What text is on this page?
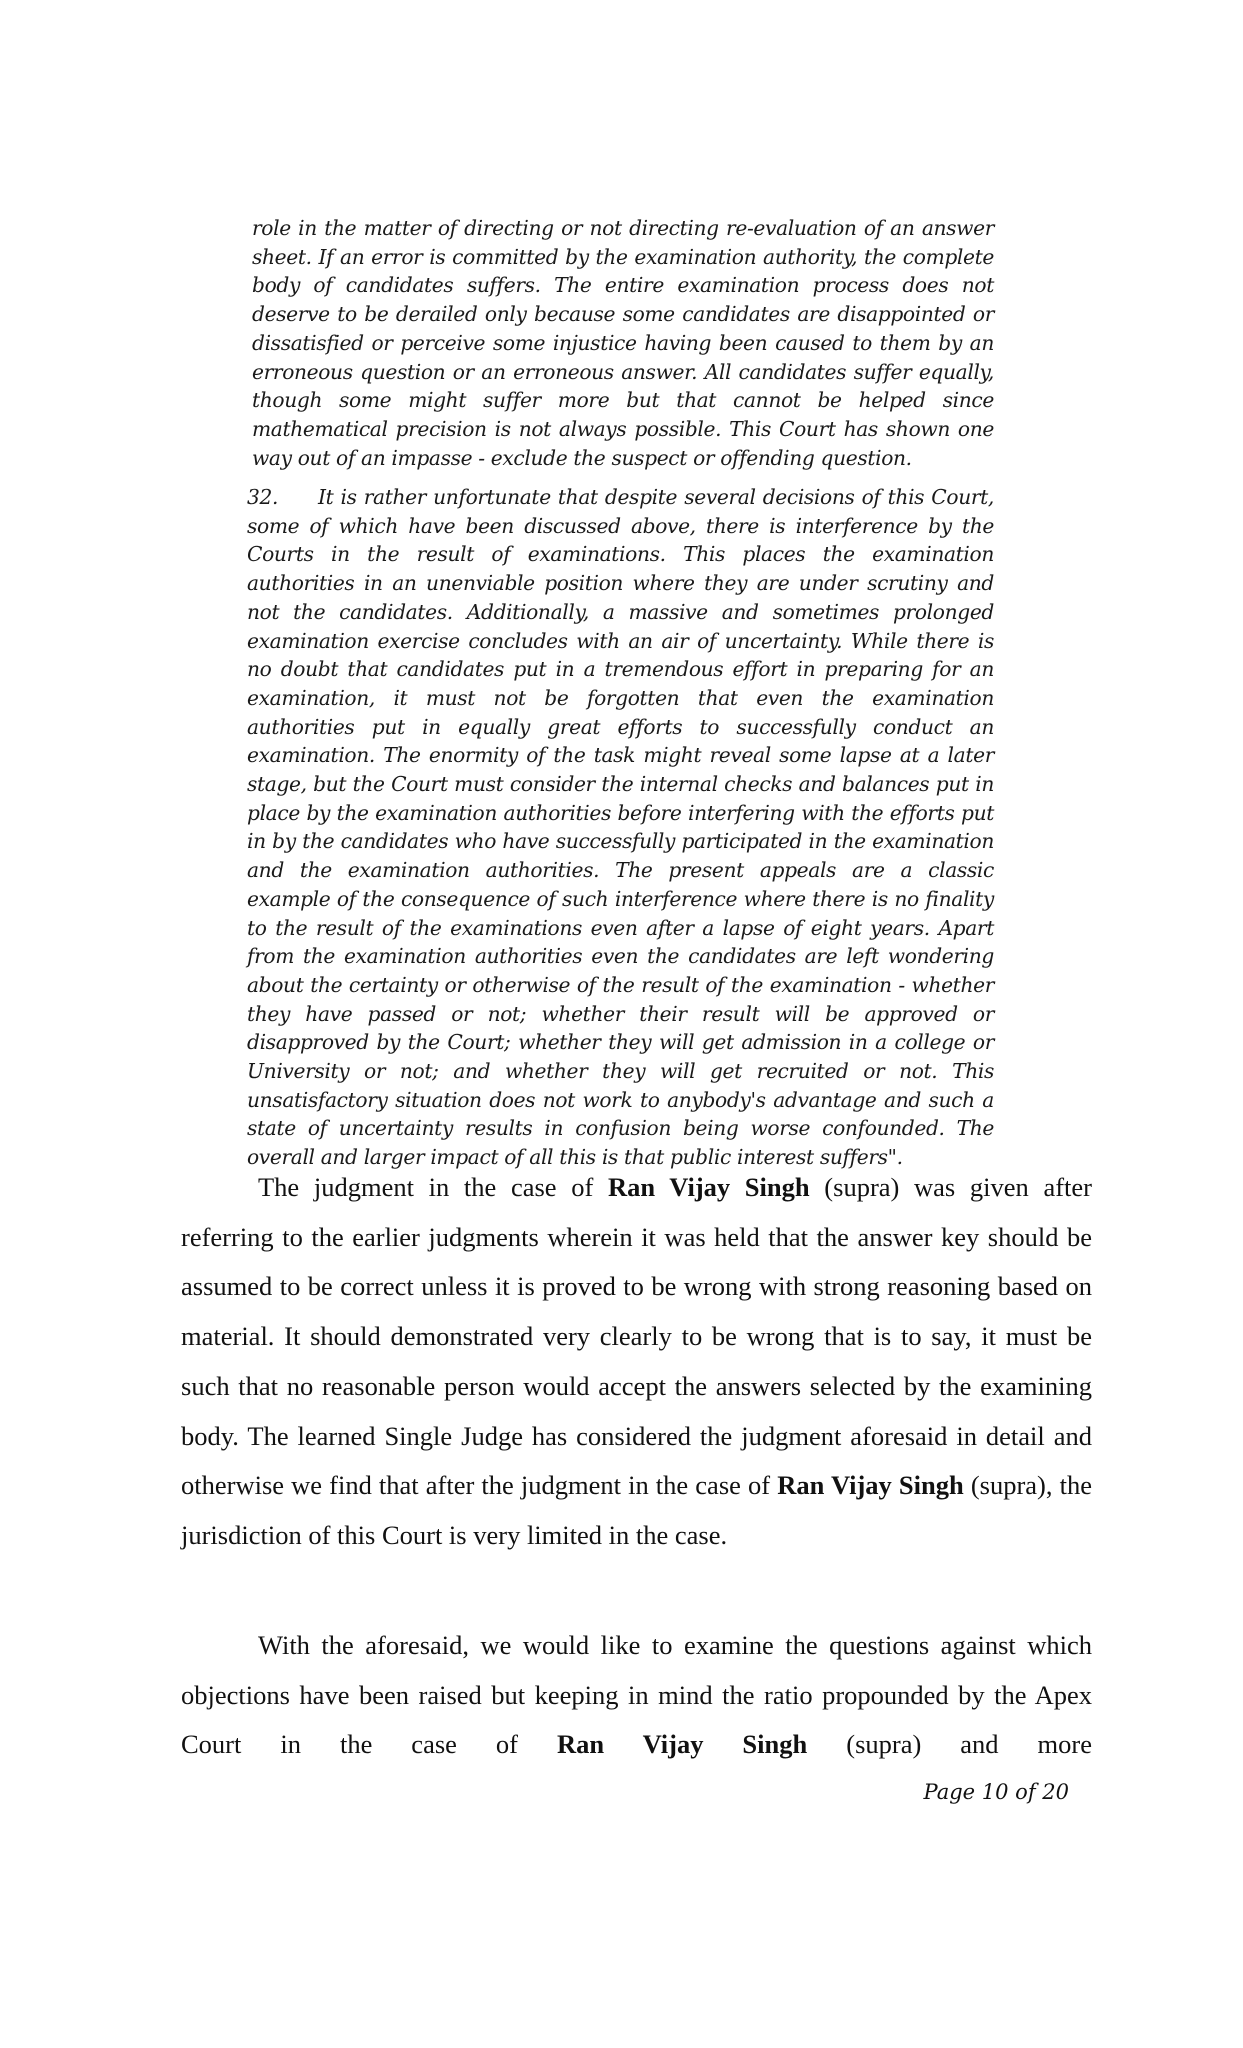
role in the matter of directing or not directing re-evaluation of an answer sheet. If an error is committed by the examination authority, the complete body of candidates suffers. The entire examination process does not deserve to be derailed only because some candidates are disappointed or dissatisfied or perceive some injustice having been caused to them by an erroneous question or an erroneous answer. All candidates suffer equally, though some might suffer more but that cannot be helped since mathematical precision is not always possible. This Court has shown one way out of an impasse - exclude the suspect or offending question.
32. It is rather unfortunate that despite several decisions of this Court, some of which have been discussed above, there is interference by the Courts in the result of examinations. This places the examination authorities in an unenviable position where they are under scrutiny and not the candidates. Additionally, a massive and sometimes prolonged examination exercise concludes with an air of uncertainty. While there is no doubt that candidates put in a tremendous effort in preparing for an examination, it must not be forgotten that even the examination authorities put in equally great efforts to successfully conduct an examination. The enormity of the task might reveal some lapse at a later stage, but the Court must consider the internal checks and balances put in place by the examination authorities before interfering with the efforts put in by the candidates who have successfully participated in the examination and the examination authorities. The present appeals are a classic example of the consequence of such interference where there is no finality to the result of the examinations even after a lapse of eight years. Apart from the examination authorities even the candidates are left wondering about the certainty or otherwise of the result of the examination - whether they have passed or not; whether their result will be approved or disapproved by the Court; whether they will get admission in a college or University or not; and whether they will get recruited or not. This unsatisfactory situation does not work to anybody's advantage and such a state of uncertainty results in confusion being worse confounded. The overall and larger impact of all this is that public interest suffers".

The judgment in the case of Ran Vijay Singh (supra) was given after referring to the earlier judgments wherein it was held that the answer key should be assumed to be correct unless it is proved to be wrong with strong reasoning based on material. It should demonstrated very clearly to be wrong that is to say, it must be such that no reasonable person would accept the answers selected by the examining body. The learned Single Judge has considered the judgment aforesaid in detail and otherwise we find that after the judgment in the case of Ran Vijay Singh (supra), the jurisdiction of this Court is very limited in the case.

With the aforesaid, we would like to examine the questions against which objections have been raised but keeping in mind the ratio propounded by the Apex Court in the case of Ran Vijay Singh (supra) and more

Page 10 of 20
